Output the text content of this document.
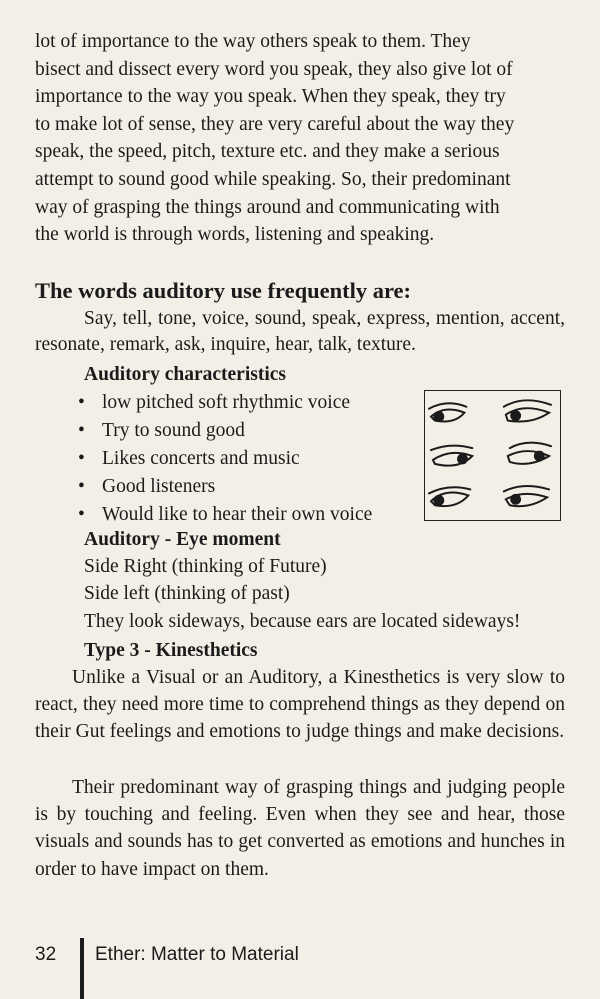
lot of importance to the way others speak to them. They

bisect and dissect every word you speak, they also give lot of

importance to the way you speak. When they speak, they try

to make lot of sense, they are very careful about the way they

speak, the speed, pitch, texture etc. and they make a serious

attempt to sound good while speaking. So, their predominant

way of grasping the things around and communicating with

the world is through words, listening and speaking.

The words auditory use frequently are:
Say, tell, tone, voice, sound, speak, express, mention, accent, resonate, remark, ask, inquire, hear, talk, texture.
Auditory characteristics
• low pitched soft rhythmic voice
• Try to sound good
• Likes concerts and music
• Good listeners
• Would like to hear their own voice
Auditory - Eye moment
Side Right (thinking of Future)
Side left (thinking of past)
They look sideways, because ears are located sideways!
Type 3 - Kinesthetics

Unlike a Visual or an Auditory, a Kinesthetics is very slow to react, they need more time to comprehend things as they depend on their Gut feelings and emotions to judge things and make decisions.

Their predominant way of grasping things and judging people is by touching and feeling. Even when they see and hear, those visuals and sounds has to get converted as emotions and hunches in order to have impact on them.

32 Ether: Matter to Material
